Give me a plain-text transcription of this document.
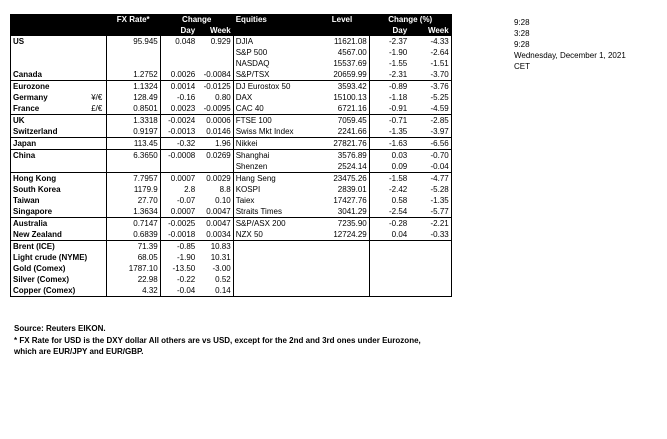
		FX Rate*	Change		Equities	Level	Change (%)	
			Day	Week			Day	Week
US		95.945	0.048	0.929	DJIA	11621.08	-2.37	-4.33
					S&P 500	4567.00	-1.90	-2.64
					NASDAQ	15537.69	-1.55	-1.51
Canada		1.2752	0.0026	-0.0084	S&P/TSX	20659.99	-2.31	-3.70
Eurozone		1.1324	0.0014	-0.0125	DJ Eurostox 50	3593.42	-0.89	-3.76
Germany	¥/€	128.49	-0.16	0.80	DAX	15100.13	-1.18	-5.25
France	£/€	0.8501	0.0023	-0.0095	CAC 40	6721.16	-0.91	-4.59
UK		1.3318	-0.0024	0.0006	FTSE 100	7059.45	-0.71	-2.85
Switzerland		0.9197	-0.0013	0.0146	Swiss Mkt Index	2241.66	-1.35	-3.97
Japan		113.45	-0.32	1.96	Nikkei	27821.76	-1.63	-6.56
China		6.3650	-0.0008	0.0269	Shanghai	3576.89	0.03	-0.70
					Shenzen	2524.14	0.09	-0.04
Hong Kong		7.7957	0.0007	0.0029	Hang Seng	23475.26	-1.58	-4.77
South Korea		1179.9	2.8	8.8	KOSPI	2839.01	-2.42	-5.28
Taiwan		27.70	-0.07	0.10	Taiex	17427.76	0.58	-1.35
Singapore		1.3634	0.0007	0.0047	Straits Times	3041.29	-2.54	-5.77
Australia		0.7147	-0.0025	0.0047	S&P/ASX 200	7235.90	-0.28	-2.21
New Zealand		0.6839	-0.0018	0.0034	NZX 50	12724.29	0.04	-0.33
Brent (ICE)		71.39	-0.85	10.83				
Light crude (NYME)		68.05	-1.90	10.31				
Gold (Comex)		1787.10	-13.50	-3.00				
Silver (Comex)		22.98	-0.22	0.52				
Copper (Comex)		4.32	-0.04	0.14				
9:28
3:28
9:28
Wednesday, December 1, 2021
CET
Source: Reuters EIKON.
* FX Rate for USD is the DXY dollar All others are vs USD, except for the 2nd and 3rd ones under Eurozone,
which are EUR/JPY and EUR/GBP.
